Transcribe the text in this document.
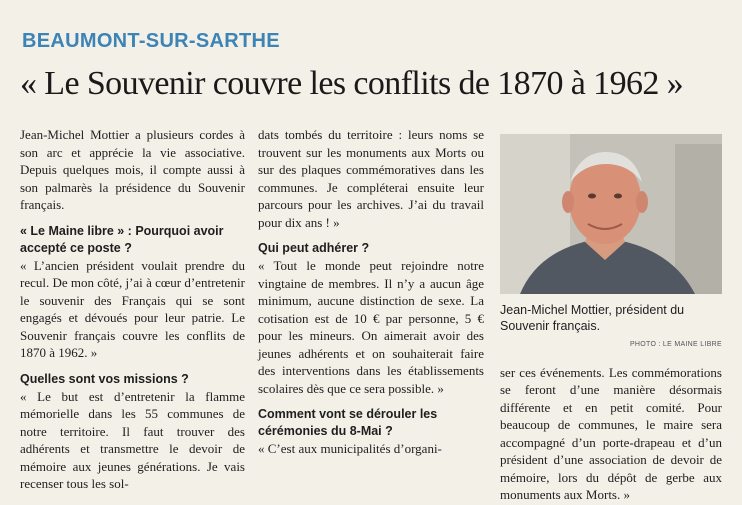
BEAUMONT-SUR-SARTHE
« Le Souvenir couvre les conflits de 1870 à 1962 »

Jean-Michel Mottier a plusieurs cordes à son arc et apprécie la vie associative. Depuis quelques mois, il compte aussi à son palmarès la présidence du Souvenir français.

« Le Maine libre » : Pourquoi avoir accepté ce poste ?

« L’ancien président voulait prendre du recul. De mon côté, j’ai à cœur d’entretenir le souvenir des Français qui se sont engagés et dévoués pour leur patrie. Le Souvenir français couvre les conflits de 1870 à 1962. »

Quelles sont vos missions ?

« Le but est d’entretenir la flamme mémorielle dans les 55 communes de notre territoire. Il faut trouver des adhérents et transmettre le devoir de mémoire aux jeunes générations. Je vais recenser tous les sol-

dats tombés du territoire : leurs noms se trouvent sur les monuments aux Morts ou sur des plaques commémoratives dans les communes. Je compléterai ensuite leur parcours pour les archives. J’ai du travail pour dix ans ! »

Qui peut adhérer ?

« Tout le monde peut rejoindre notre vingtaine de membres. Il n’y a aucun âge minimum, aucune distinction de sexe. La cotisation est de 10 € par personne, 5 € pour les mineurs. On aimerait avoir des jeunes adhérents et on souhaiterait faire des interventions dans les établissements scolaires dès que ce sera possible. »

Comment vont se dérouler les cérémonies du 8-Mai ?

« C’est aux municipalités d’organi-

Jean-Michel Mottier, président du Souvenir français.
PHOTO : LE MAINE LIBRE

ser ces événements. Les commémorations se feront d’une manière désormais différente et en petit comité. Pour beaucoup de communes, le maire sera accompagné d’un porte-drapeau et d’un président d’une association de devoir de mémoire, lors du dépôt de gerbe aux monuments aux Morts. »
